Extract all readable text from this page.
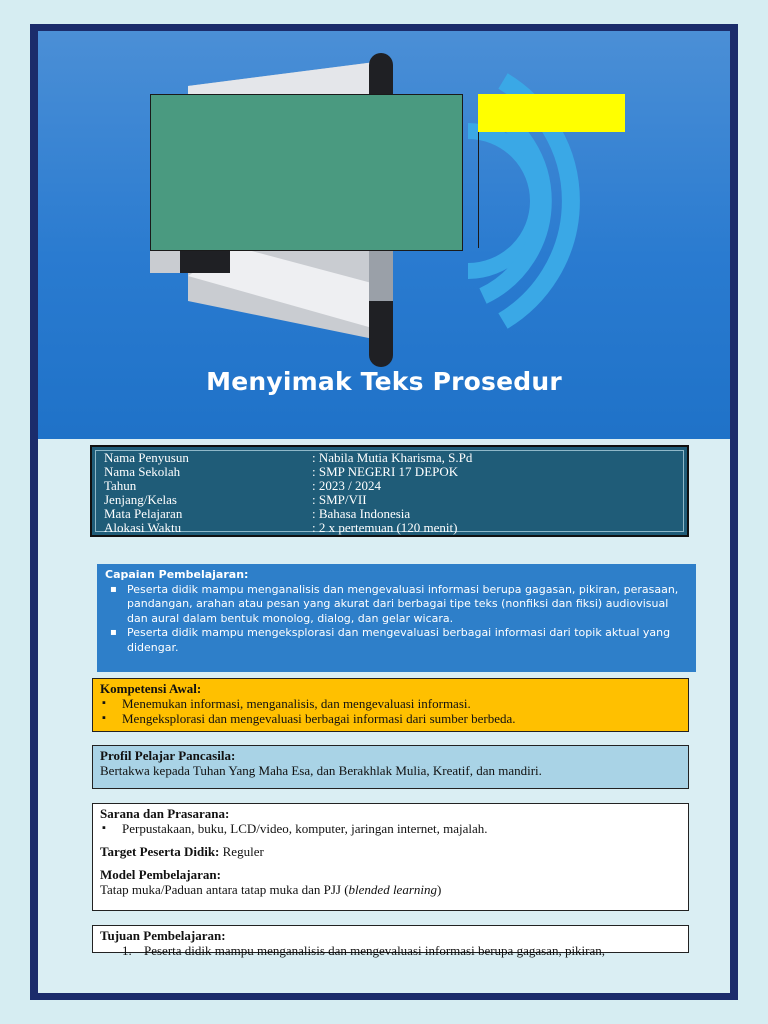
Menyimak Teks Prosedur
Nama Penyusun	: Nabila Mutia Kharisma, S.Pd
Nama Sekolah	: SMP NEGERI 17 DEPOK
Tahun	: 2023 / 2024
Jenjang/Kelas	: SMP/VII
Mata Pelajaran	: Bahasa Indonesia
Alokasi Waktu	: 2 x pertemuan (120 menit)
Capaian Pembelajaran:
▪ Peserta didik mampu menganalisis dan mengevaluasi informasi berupa gagasan, pikiran, perasaan, pandangan, arahan atau pesan yang akurat dari berbagai tipe teks (nonfiksi dan fiksi) audiovisual dan aural dalam bentuk monolog, dialog, dan gelar wicara.
▪ Peserta didik mampu mengeksplorasi dan mengevaluasi berbagai informasi dari topik aktual yang didengar.
Kompetensi Awal:
▪ Menemukan informasi, menganalisis, dan mengevaluasi informasi.
▪ Mengeksplorasi dan mengevaluasi berbagai informasi dari sumber berbeda.
Profil Pelajar Pancasila:
Bertakwa kepada Tuhan Yang Maha Esa, dan Berakhlak Mulia, Kreatif, dan mandiri.
Sarana dan Prasarana:
▪ Perpustakaan, buku, LCD/video, komputer, jaringan internet, majalah.
Target Peserta Didik: Reguler
Model Pembelajaran:
Tatap muka/Paduan antara tatap muka dan PJJ (blended learning)
Tujuan Pembelajaran:
1. Peserta didik mampu menganalisis dan mengevaluasi informasi berupa gagasan, pikiran,
